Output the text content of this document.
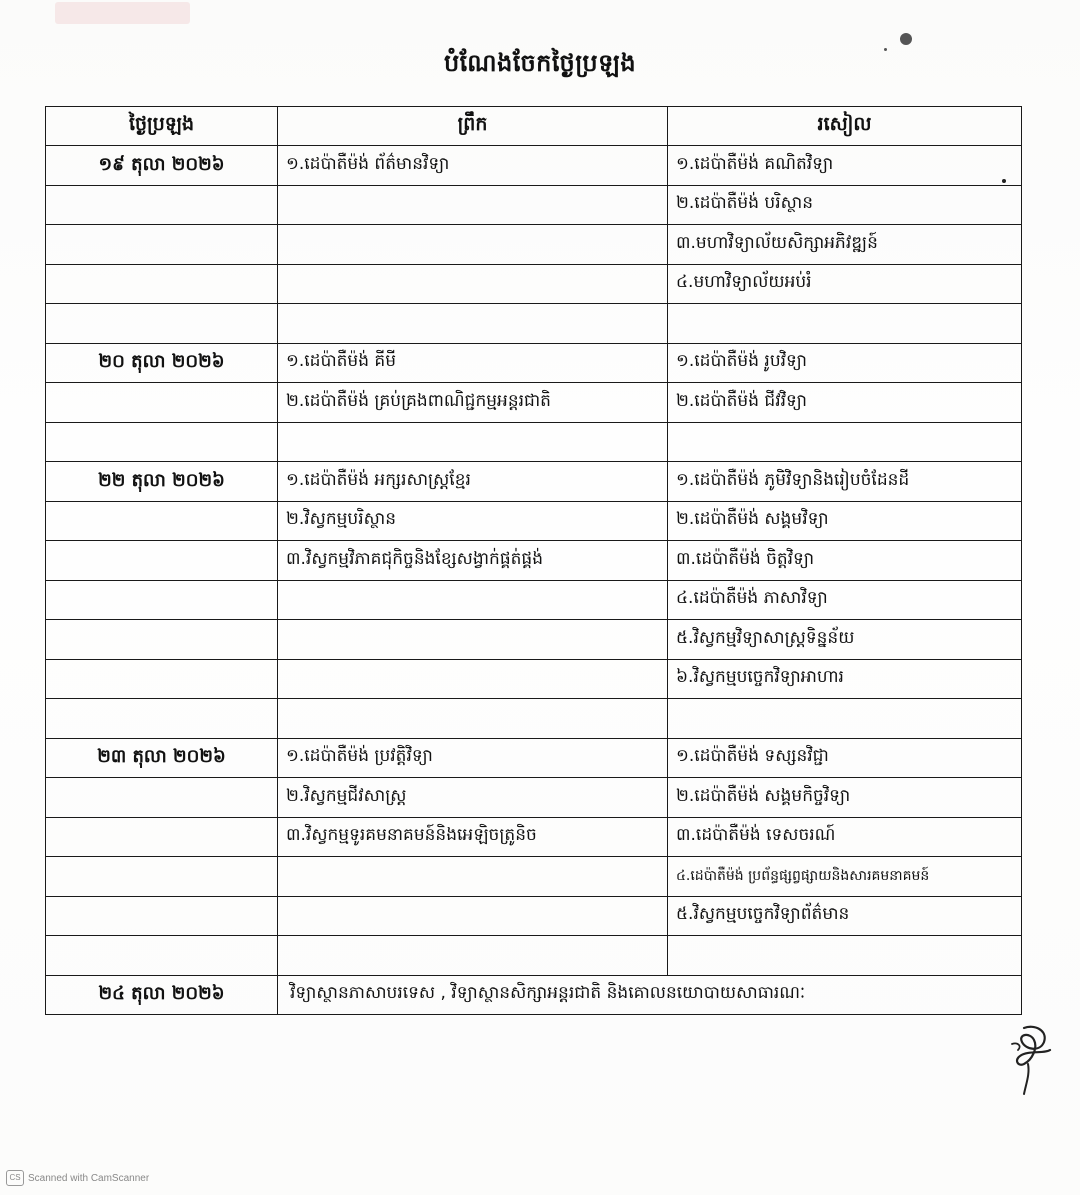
បំណែងចែកថ្ងៃប្រឡង
ថ្ងៃប្រឡង	ព្រឹក	រសៀល
១៩ តុលា ២០២៦	១.ដេប៉ាតឺម៉ង់ ព័ត៌មានវិទ្យា	១.ដេប៉ាតឺម៉ង់ គណិតវិទ្យា
		២.ដេប៉ាតឺម៉ង់ បរិស្ថាន
		៣.មហាវិទ្យាល័យសិក្សាអភិវឌ្ឍន៍
		៤.មហាវិទ្យាល័យអប់រំ

២០ តុលា ២០២៦	១.ដេប៉ាតឺម៉ង់ គីមី	១.ដេប៉ាតឺម៉ង់ រូបវិទ្យា
	២.ដេប៉ាតឺម៉ង់ គ្រប់គ្រងពាណិជ្ជកម្មអន្តរជាតិ	២.ដេប៉ាតឺម៉ង់ ជីវវិទ្យា

២២ តុលា ២០២៦	១.ដេប៉ាតឺម៉ង់ អក្សរសាស្ត្រខ្មែរ	១.ដេប៉ាតឺម៉ង់ ភូមិវិទ្យានិងរៀបចំដែនដី
	២.វិស្វកម្មបរិស្ថាន	២.ដេប៉ាតឺម៉ង់ សង្គមវិទ្យា
	៣.វិស្វកម្មវិភាគជុកិច្ចនិងខ្សែសង្វាក់ផ្គត់ផ្គង់	៣.ដេប៉ាតឺម៉ង់ ចិត្តវិទ្យា
		៤.ដេប៉ាតឺម៉ង់ ភាសាវិទ្យា
		៥.វិស្វកម្មវិទ្យាសាស្ត្រទិន្នន័យ
		៦.វិស្វកម្មបច្ចេកវិទ្យាអាហារ

២៣ តុលា ២០២៦	១.ដេប៉ាតឺម៉ង់ ប្រវត្តិវិទ្យា	១.ដេប៉ាតឺម៉ង់ ទស្សនវិជ្ជា
	២.វិស្វកម្មជីវសាស្ត្រ	២.ដេប៉ាតឺម៉ង់ សង្គមកិច្ចវិទ្យា
	៣.វិស្វកម្មទូរគមនាគមន៍និងអេឡិចត្រូនិច	៣.ដេប៉ាតឺម៉ង់ ទេសចរណ៍
		៤.ដេប៉ាតឺម៉ង់ ប្រព័ន្ធផ្សព្វផ្សាយនិងសារគមនាគមន៍
		៥.វិស្វកម្មបច្ចេកវិទ្យាព័ត៌មាន

២៤ តុលា ២០២៦	វិទ្យាស្ថានភាសាបរទេស , វិទ្យាស្ថានសិក្សាអន្តរជាតិ និងគោលនយោបាយសាធារណៈ	
CS Scanned with CamScanner
